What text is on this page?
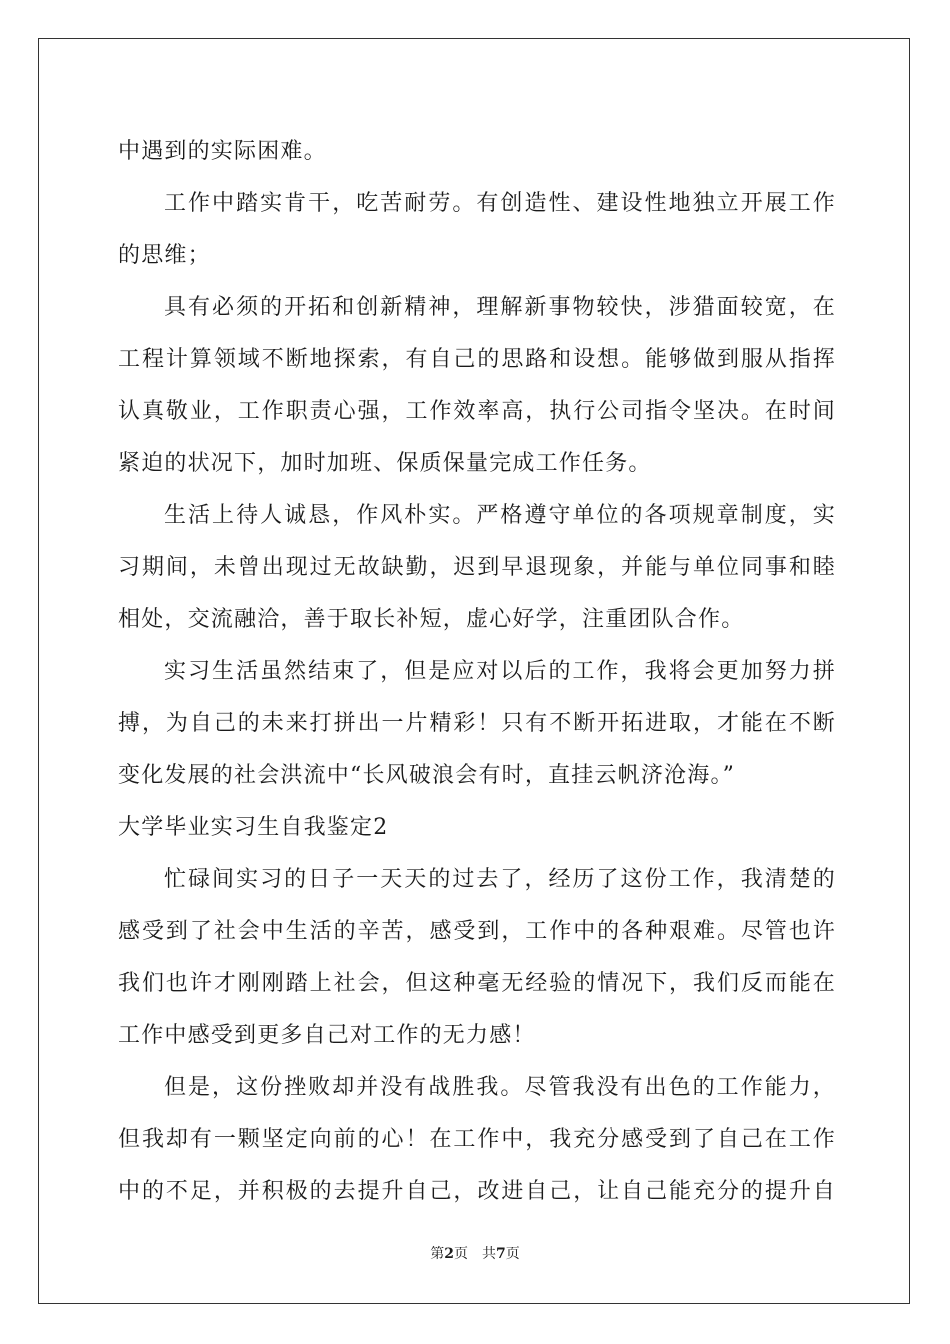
中遇到的实际困难。
工作中踏实肯干，吃苦耐劳。有创造性、建设性地独立开展工作
的思维；
具有必须的开拓和创新精神，理解新事物较快，涉猎面较宽，在
工程计算领域不断地探索，有自己的思路和设想。能够做到服从指挥
认真敬业，工作职责心强，工作效率高，执行公司指令坚决。在时间
紧迫的状况下，加时加班、保质保量完成工作任务。
生活上待人诚恳，作风朴实。严格遵守单位的各项规章制度，实
习期间，未曾出现过无故缺勤，迟到早退现象，并能与单位同事和睦
相处，交流融洽，善于取长补短，虚心好学，注重团队合作。
实习生活虽然结束了，但是应对以后的工作，我将会更加努力拼
搏，为自己的未来打拼出一片精彩！只有不断开拓进取，才能在不断
变化发展的社会洪流中“长风破浪会有时，直挂云帆济沧海。”
大学毕业实习生自我鉴定2
忙碌间实习的日子一天天的过去了，经历了这份工作，我清楚的
感受到了社会中生活的辛苦，感受到，工作中的各种艰难。尽管也许
我们也许才刚刚踏上社会，但这种毫无经验的情况下，我们反而能在
工作中感受到更多自己对工作的无力感！
但是，这份挫败却并没有战胜我。尽管我没有出色的工作能力，
但我却有一颗坚定向前的心！在工作中，我充分感受到了自己在工作
中的不足，并积极的去提升自己，改进自己，让自己能充分的提升自
第2页　共7页
